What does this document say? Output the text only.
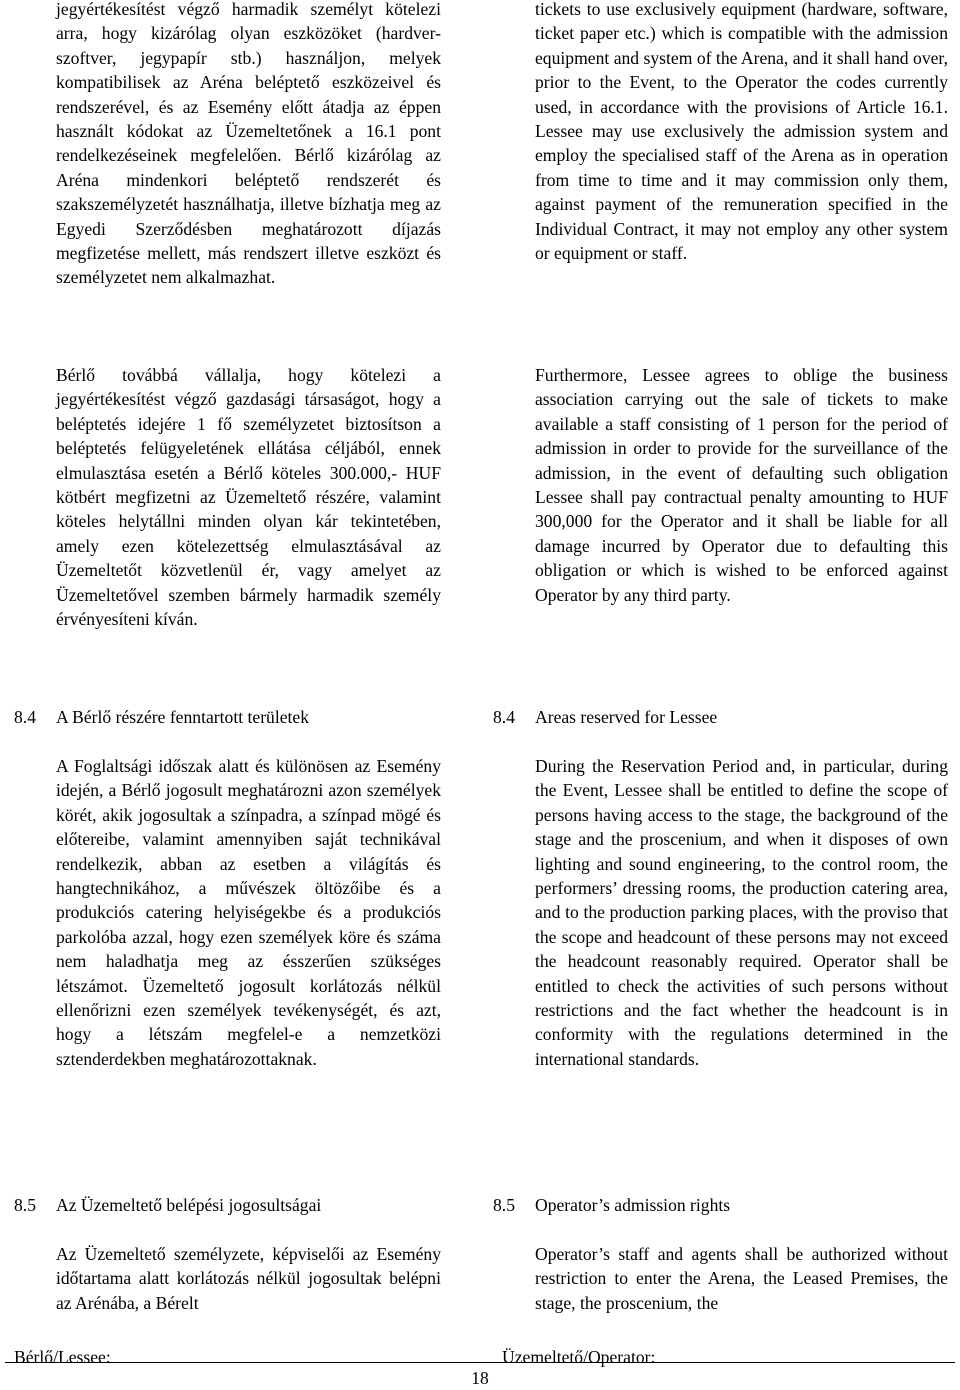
jegyértékesítést végző harmadik személyt kötelezi arra, hogy kizárólag olyan eszközöket (hardver-szoftver, jegypapír stb.) használjon, melyek kompatibilisek az Aréna beléptető eszközeivel és rendszerével, és az Esemény előtt átadja az éppen használt kódokat az Üzemeltetőnek a 16.1 pont rendelkezéseinek megfelelően. Bérlő kizárólag az Aréna mindenkori beléptető rendszerét és szakszemélyzetét használhatja, illetve bízhatja meg az Egyedi Szerződésben meghatározott díjazás megfizetése mellett, más rendszert illetve eszközt és személyzetet nem alkalmazhat.

Bérlő továbbá vállalja, hogy kötelezi a jegyértékesítést végző gazdasági társaságot, hogy a beléptetés idejére 1 fő személyzetet biztosítson a beléptetés felügyeletének ellátása céljából, ennek elmulasztása esetén a Bérlő köteles 300.000,- HUF kötbért megfizetni az Üzemeltető részére, valamint köteles helytállni minden olyan kár tekintetében, amely ezen kötelezettség elmulasztásával az Üzemeltetőt közvetlenül ér, vagy amelyet az Üzemeltetővel szemben bármely harmadik személy érvényesíteni kíván.

8.4 A Bérlő részére fenntartott területek

A Foglaltsági időszak alatt és különösen az Esemény idején, a Bérlő jogosult meghatározni azon személyek körét, akik jogosultak a színpadra, a színpad mögé és előtereibe, valamint amennyiben saját technikával rendelkezik, abban az esetben a világítás és hangtechnikához, a művészek öltözőibe és a produkciós catering helyiségekbe és a produkciós parkolóba azzal, hogy ezen személyek köre és száma nem haladhatja meg az ésszerűen szükséges létszámot. Üzemeltető jogosult korlátozás nélkül ellenőrizni ezen személyek tevékenységét, és azt, hogy a létszám megfelel-e a nemzetközi sztenderdekben meghatározottaknak.

8.5 Az Üzemeltető belépési jogosultságai

Az Üzemeltető személyzete, képviselői az Esemény időtartama alatt korlátozás nélkül jogosultak belépni az Arénába, a Bérelt

tickets to use exclusively equipment (hardware, software, ticket paper etc.) which is compatible with the admission equipment and system of the Arena, and it shall hand over, prior to the Event, to the Operator the codes currently used, in accordance with the provisions of Article 16.1. Lessee may use exclusively the admission system and employ the specialised staff of the Arena as in operation from time to time and it may commission only them, against payment of the remuneration specified in the Individual Contract, it may not employ any other system or equipment or staff.

Furthermore, Lessee agrees to oblige the business association carrying out the sale of tickets to make available a staff consisting of 1 person for the period of admission in order to provide for the surveillance of the admission, in the event of defaulting such obligation Lessee shall pay contractual penalty amounting to HUF 300,000 for the Operator and it shall be liable for all damage incurred by Operator due to defaulting this obligation or which is wished to be enforced against Operator by any third party.

8.4 Areas reserved for Lessee

During the Reservation Period and, in particular, during the Event, Lessee shall be entitled to define the scope of persons having access to the stage, the background of the stage and the proscenium, and when it disposes of own lighting and sound engineering, to the control room, the performers’ dressing rooms, the production catering area, and to the production parking places, with the proviso that the scope and headcount of these persons may not exceed the headcount reasonably required. Operator shall be entitled to check the activities of such persons without restrictions and the fact whether the headcount is in conformity with the regulations determined in the international standards.

8.5 Operator’s admission rights

Operator’s staff and agents shall be authorized without restriction to enter the Arena, the Leased Premises, the stage, the proscenium, the

Bérlő/Lessee:	Üzemeltető/Operator:
18
